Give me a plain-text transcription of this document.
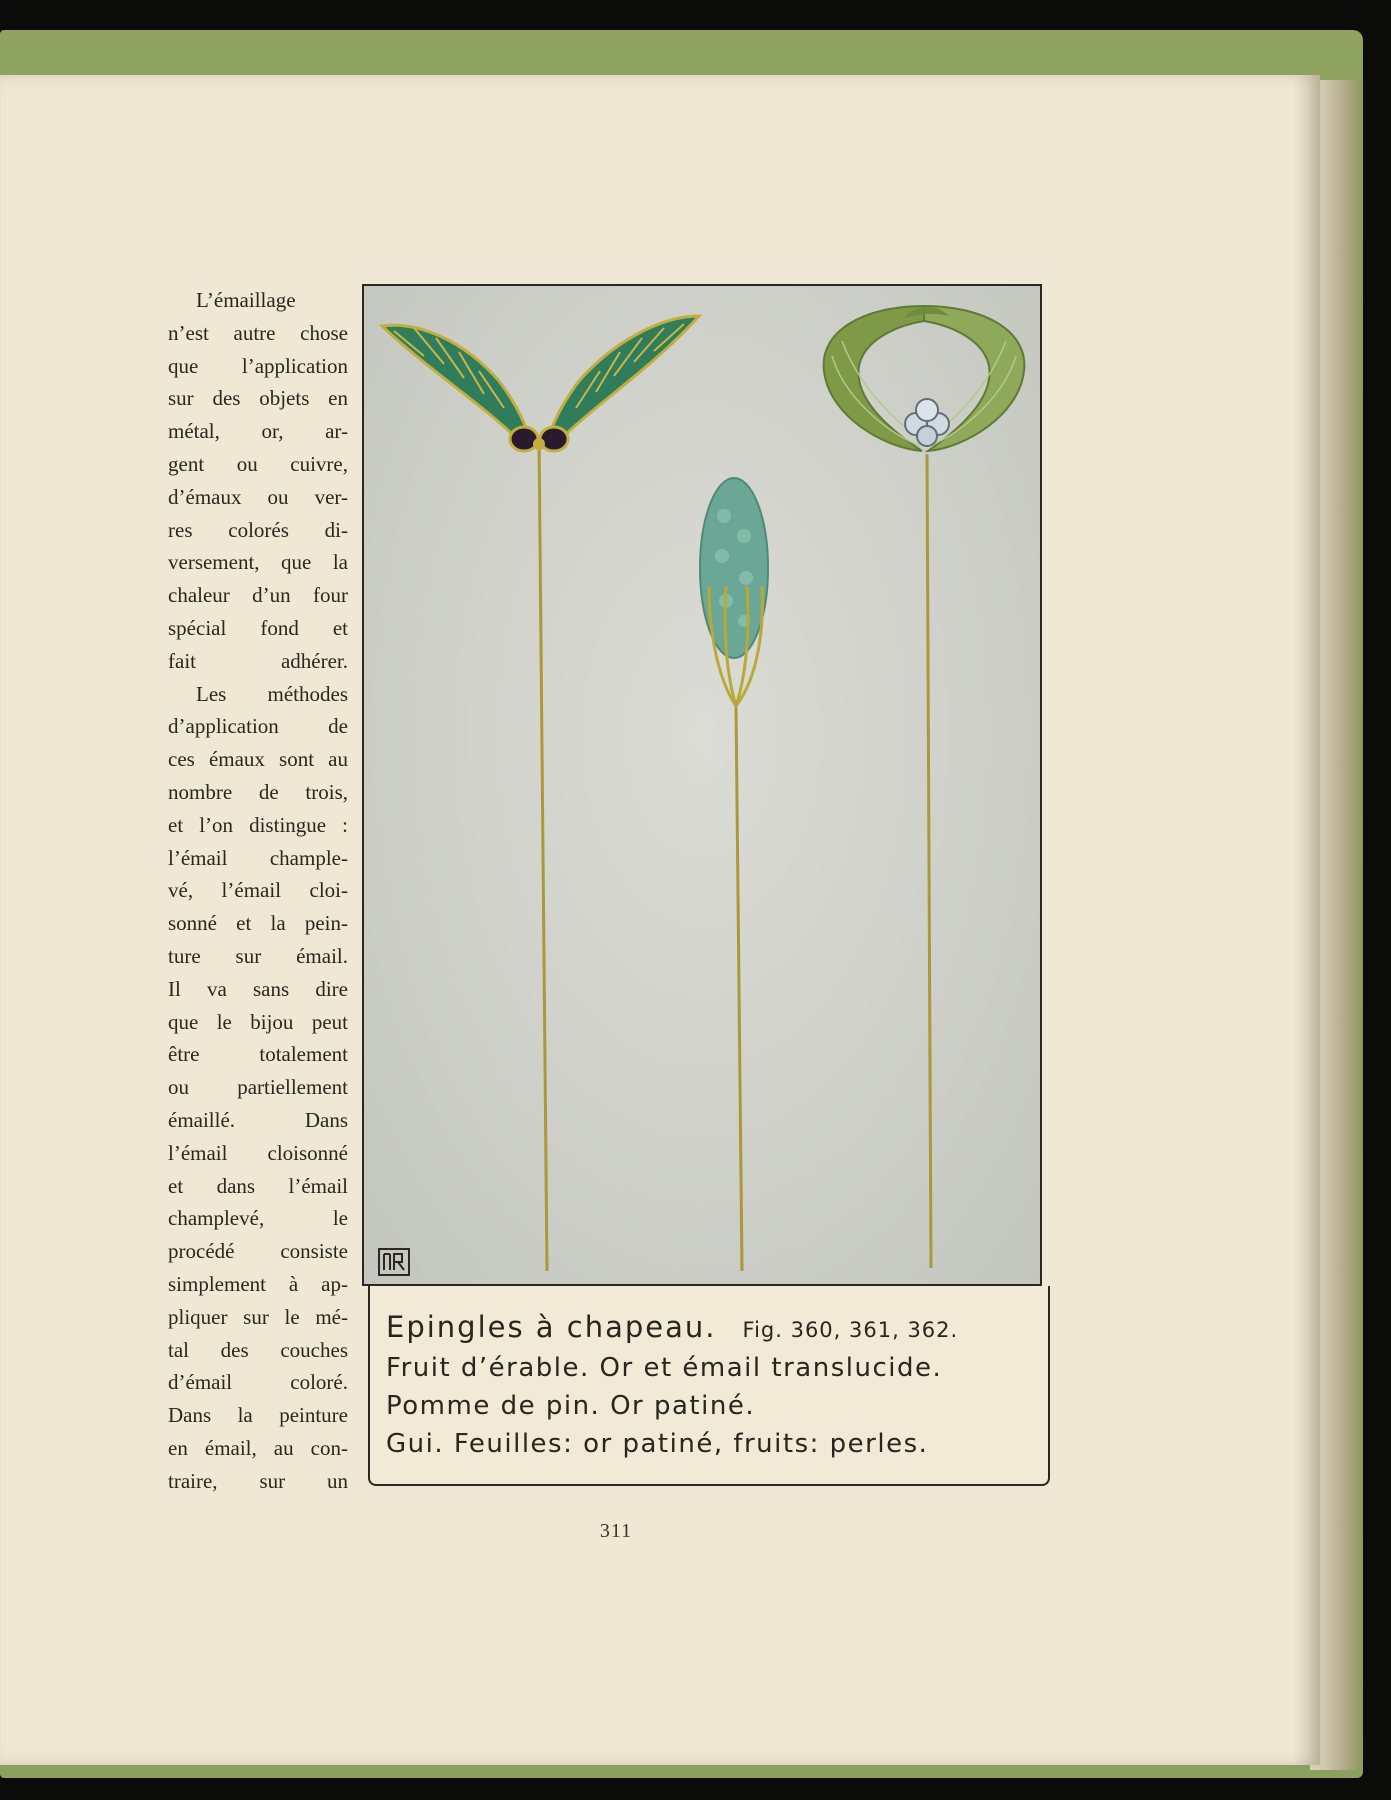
L’émaillage
n’est autre chose
que l’application
sur des objets en
métal, or, ar-
gent ou cuivre,
d’émaux ou ver-
res colorés di-
versement, que la
chaleur d’un four
spécial fond et
fait adhérer.
Les méthodes
d’application de
ces émaux sont au
nombre de trois,
et l’on distingue :
l’émail chample-
vé, l’émail cloi-
sonné et la pein-
ture sur émail.
Il va sans dire
que le bijou peut
être totalement
ou partiellement
émaillé. Dans
l’émail cloisonné
et dans l’émail
champlevé, le
procédé consiste
simplement à ap-
pliquer sur le mé-
tal des couches
d’émail coloré.
Dans la peinture
en émail, au con-
traire, sur un
Epingles à chapeau. Fig. 360, 361, 362.
Fruit d’érable. Or et émail translucide.
Pomme de pin. Or patiné.
Gui. Feuilles: or patiné, fruits: perles.
311
